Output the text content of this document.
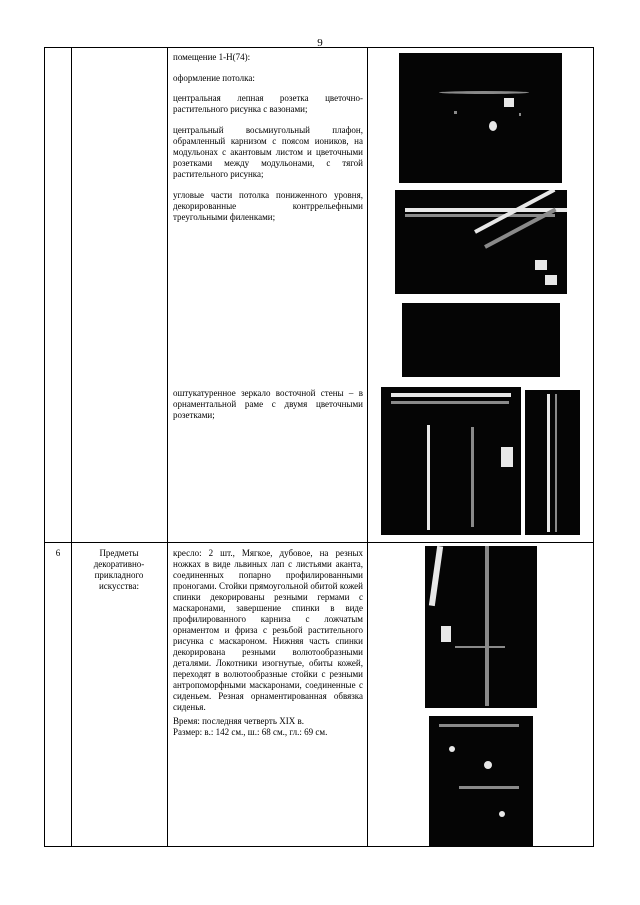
9

помещение 1-Н(74):

оформление потолка:

центральная лепная розетка цветочно-растительного рисунка с вазонами;

центральный восьмиугольный плафон, обрамленный карнизом с поясом иоников, на модульонах с акантовым листом и цветочными розетками между модульонами, с тягой растительного рисунка;

угловые части потолка пониженного уровня, декорированные контррельефными треугольными филенками;

оштукатуренное зеркало восточной стены – в орнаментальной раме с двумя цветочными розетками;
6	Предметы декоративно-прикладного искусства:
кресло: 2 шт., Мягкое, дубовое, на резных ножках в виде львиных лап с листьями аканта, соединенных попарно профилированными проногами. Стойки прямоугольной обитой кожей спинки декорированы резными гермами с маскаронами, завершение спинки в виде профилированного карниза с ложчатым орнаментом и фриза с резьбой растительного рисунка с маскароном. Нижняя часть спинки декорирована резными волютообразными деталями. Локотники изогнутые, обиты кожей, переходят в волютообразные стойки с резными антропоморфными маскаронами, соединенные с сиденьем. Резная орнаментированная обвязка сиденья.
Время: последняя четверть XIX в.
Размер: в.: 142 см., ш.: 68 см., гл.: 69 см.
